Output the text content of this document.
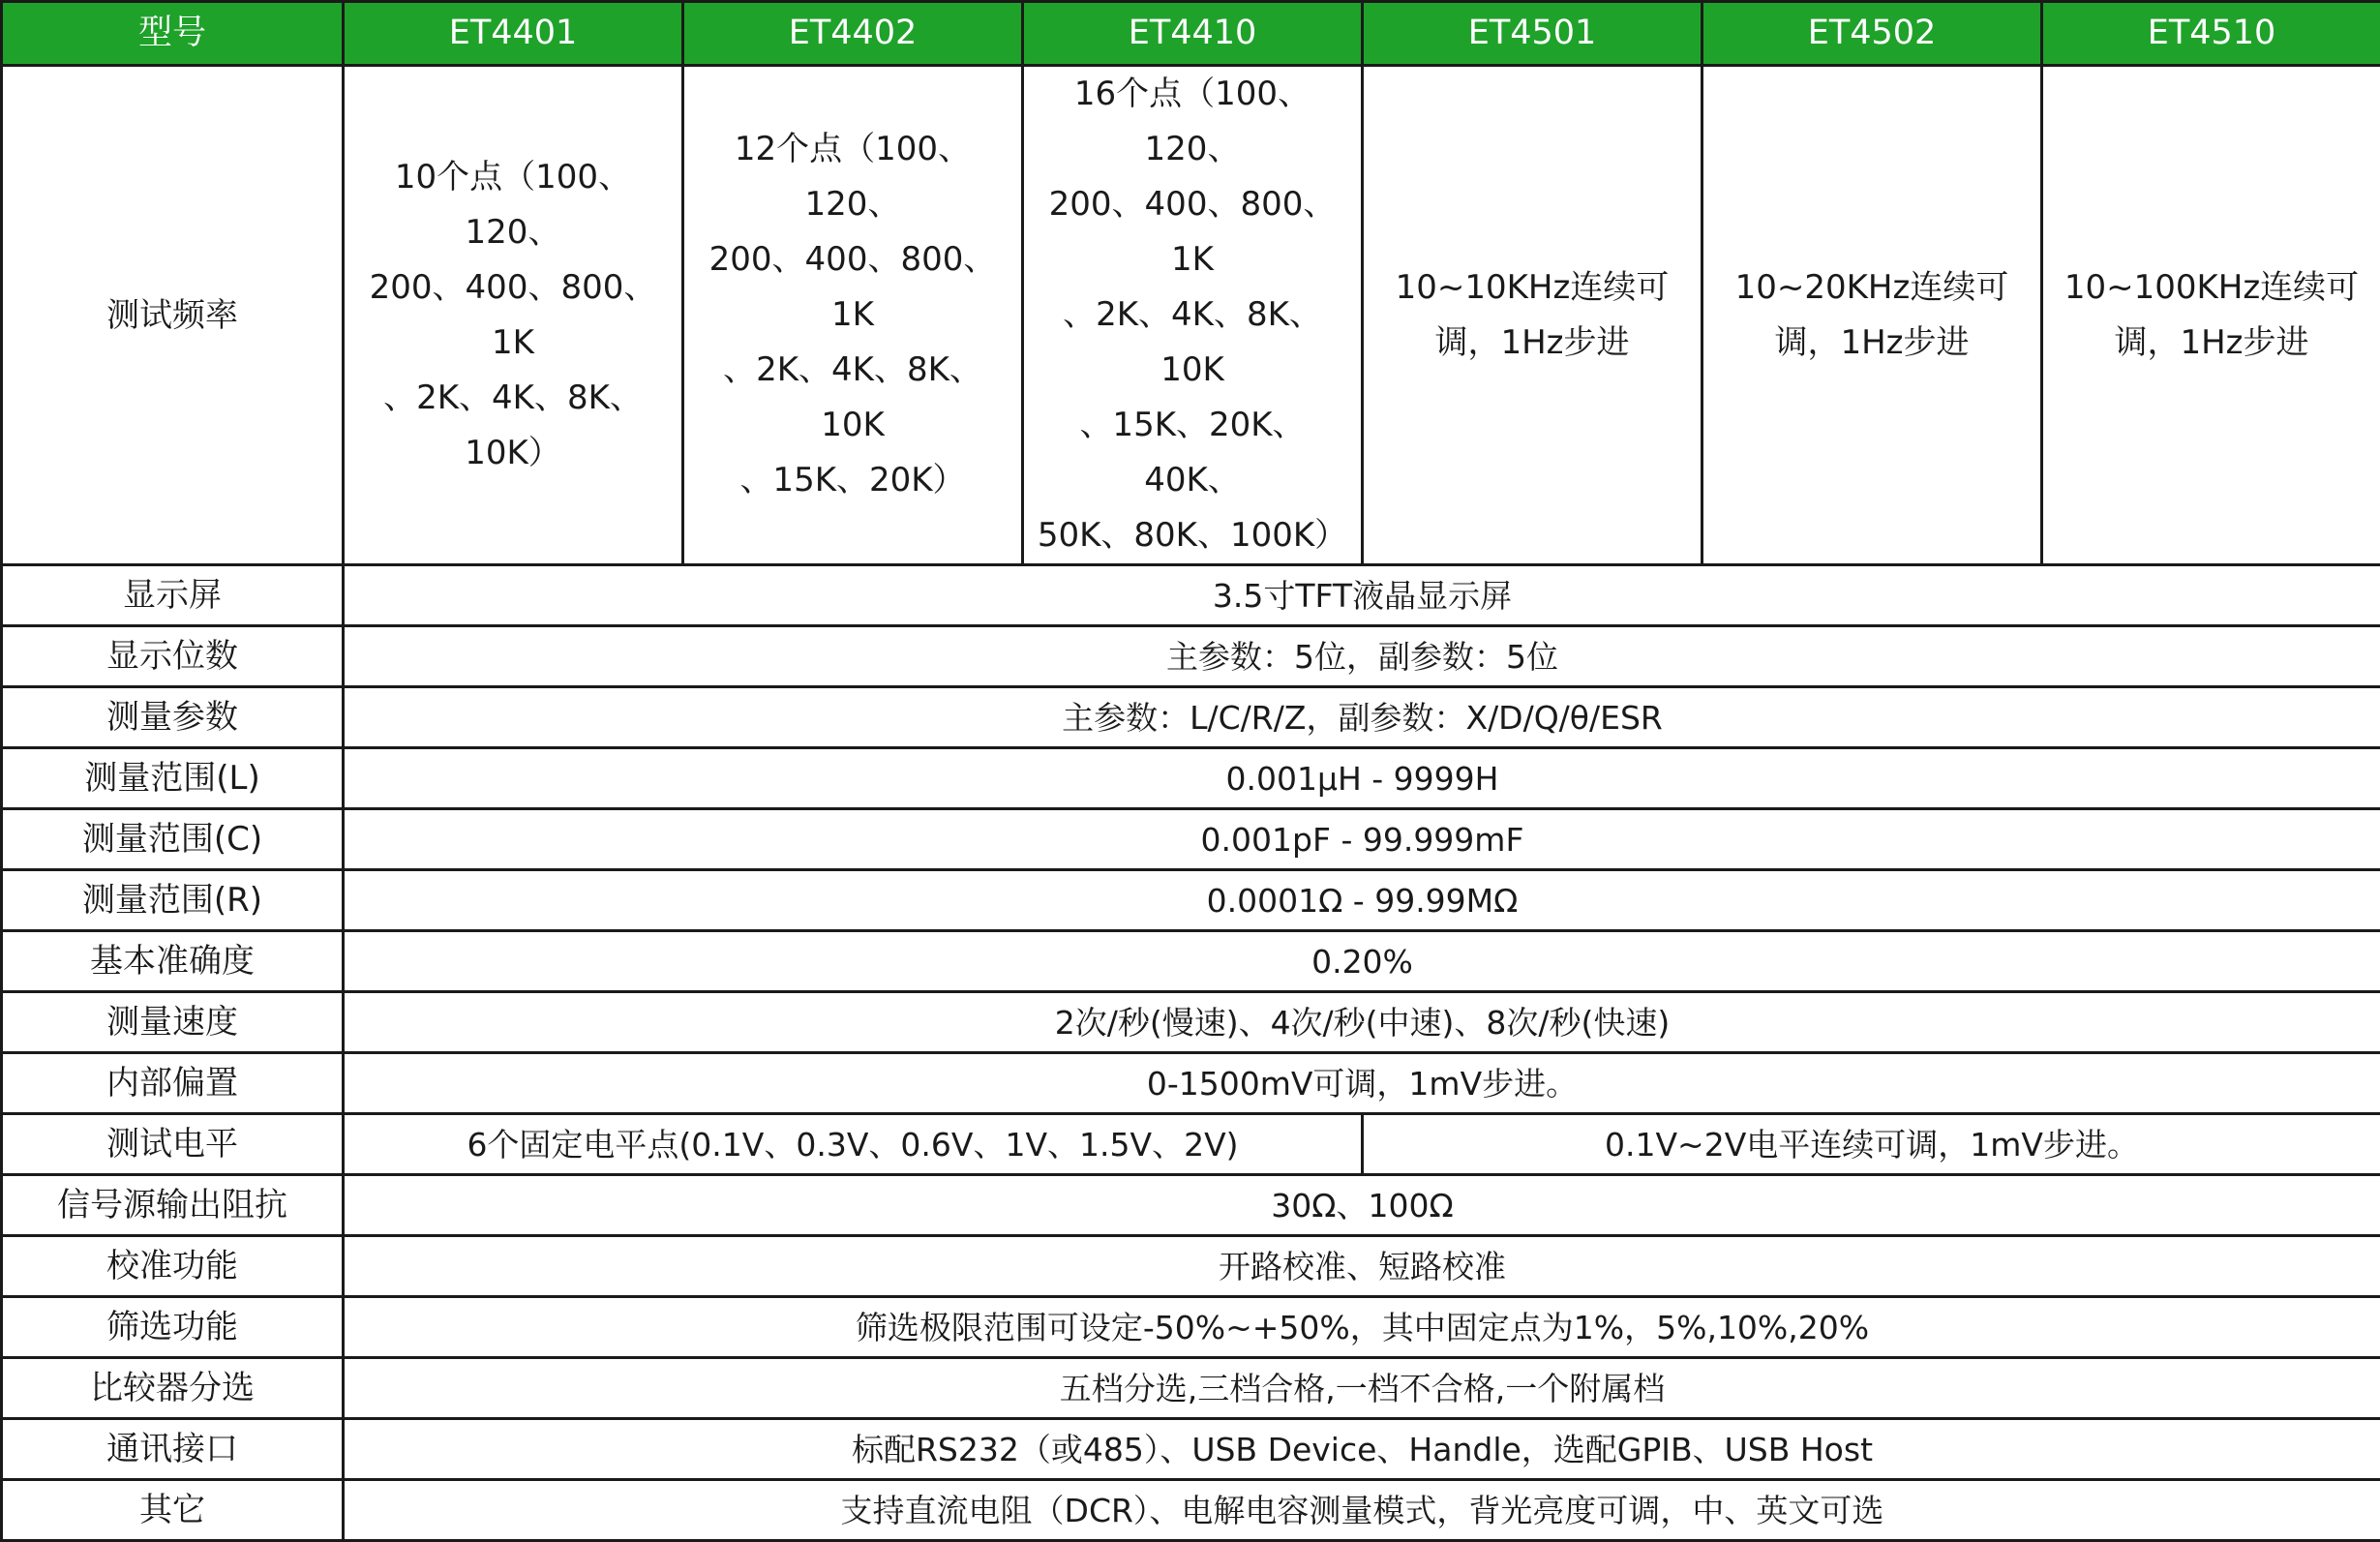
型号	ET4401	ET4402	ET4410	ET4501	ET4502	ET4510
测试频率	10个点（100、120、
200、400、800、1K
、2K、4K、8K、
10K）	12个点（100、120、
200、400、800、1K
、2K、4K、8K、10K
、15K、20K）	16个点（100、120、
200、400、800、1K
、2K、4K、8K、10K
、15K、20K、40K、
50K、80K、100K）	10~10KHz连续可
调，1Hz步进	10~20KHz连续可
调，1Hz步进	10~100KHz连续可
调，1Hz步进

显示屏	3.5寸TFT液晶显示屏					
显示位数	主参数：5位，副参数：5位					
测量参数	主参数：L/C/R/Z，副参数：X/D/Q/θ/ESR					
测量范围(L)	0.001μH - 9999H					
测量范围(C)	0.001pF - 99.999mF					
测量范围(R)	0.0001Ω - 99.99MΩ					
基本准确度	0.20%					
测量速度	2次/秒(慢速)、4次/秒(中速)、8次/秒(快速)					
内部偏置	0-1500mV可调，1mV步进。					
测试电平	6个固定电平点(0.1V、0.3V、0.6V、1V、1.5V、2V)			0.1V~2V电平连续可调，1mV步进。		
信号源输出阻抗	30Ω、100Ω					
校准功能	开路校准、短路校准					
筛选功能	筛选极限范围可设定-50%~+50%，其中固定点为1%，5%,10%,20%					
比较器分选	五档分选,三档合格,一档不合格,一个附属档					
通讯接口	标配RS232（或485）、USB Device、Handle，选配GPIB、USB Host					
其它	支持直流电阻（DCR）、电解电容测量模式，背光亮度可调，中、英文可选					
